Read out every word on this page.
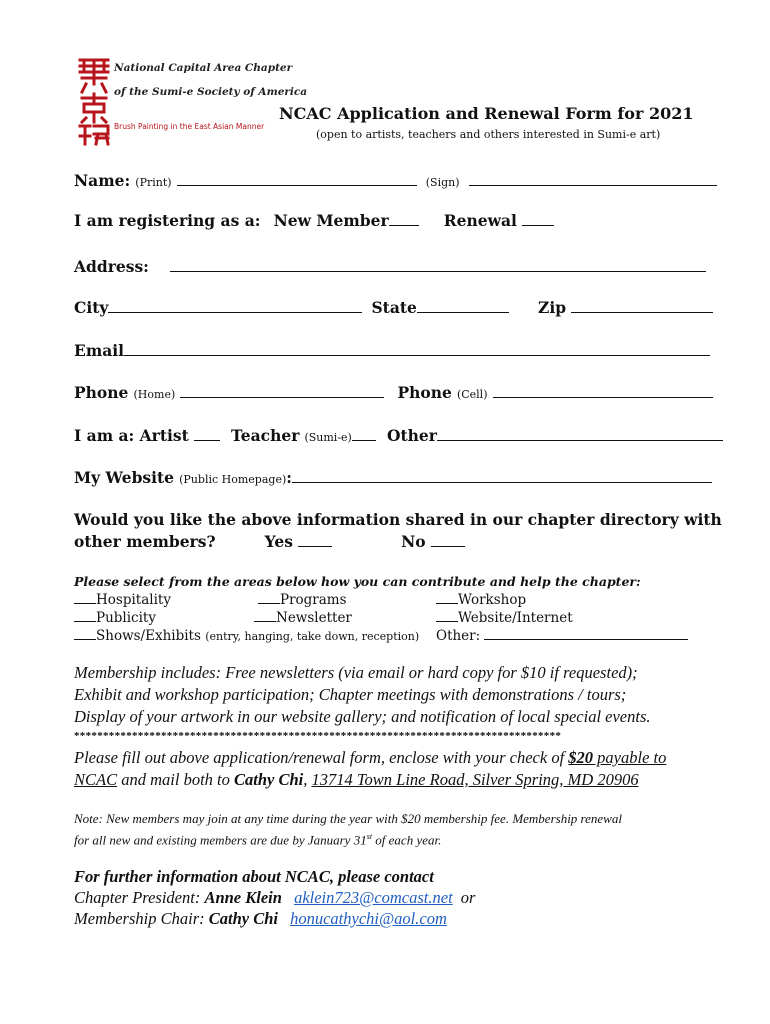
National Capital Area Chapter
of the Sumi-e Society of America
Brush Painting in the East Asian Manner
NCAC Application and Renewal Form for 2021
(open to artists, teachers and others interested in Sumi-e art)
Name: (Print)	(Sign)
I am registering as a: New Member	Renewal
Address:
City	State	Zip
Email
Phone (Home)	Phone (Cell)
I am a: Artist	Teacher (Sumi-e) Other
My Website (Public Homepage):
Would you like the above information shared in our chapter directory with
other members?	Yes	No
Please select from the areas below how you can contribute and help the chapter:
Hospitality	Programs	Workshop
Publicity	Newsletter	Website/Internet
Shows/Exhibits (entry, hanging, take down, reception) Other:
Membership includes: Free newsletters (via email or hard copy for $10 if requested);
Exhibit and workshop participation; Chapter meetings with demonstrations / tours;
Display of your artwork in our website gallery; and notification of local special events.
************************************************************************************
Please fill out above application/renewal form, enclose with your check of $20 payable to
NCAC and mail both to Cathy Chi, 13714 Town Line Road, Silver Spring, MD 20906
Note: New members may join at any time during the year with $20 membership fee. Membership renewal
for all new and existing members are due by January 31st of each year.
For further information about NCAC, please contact
Chapter President: Anne Klein aklein723@comcast.net or
Membership Chair: Cathy Chi honucathychi@aol.com
